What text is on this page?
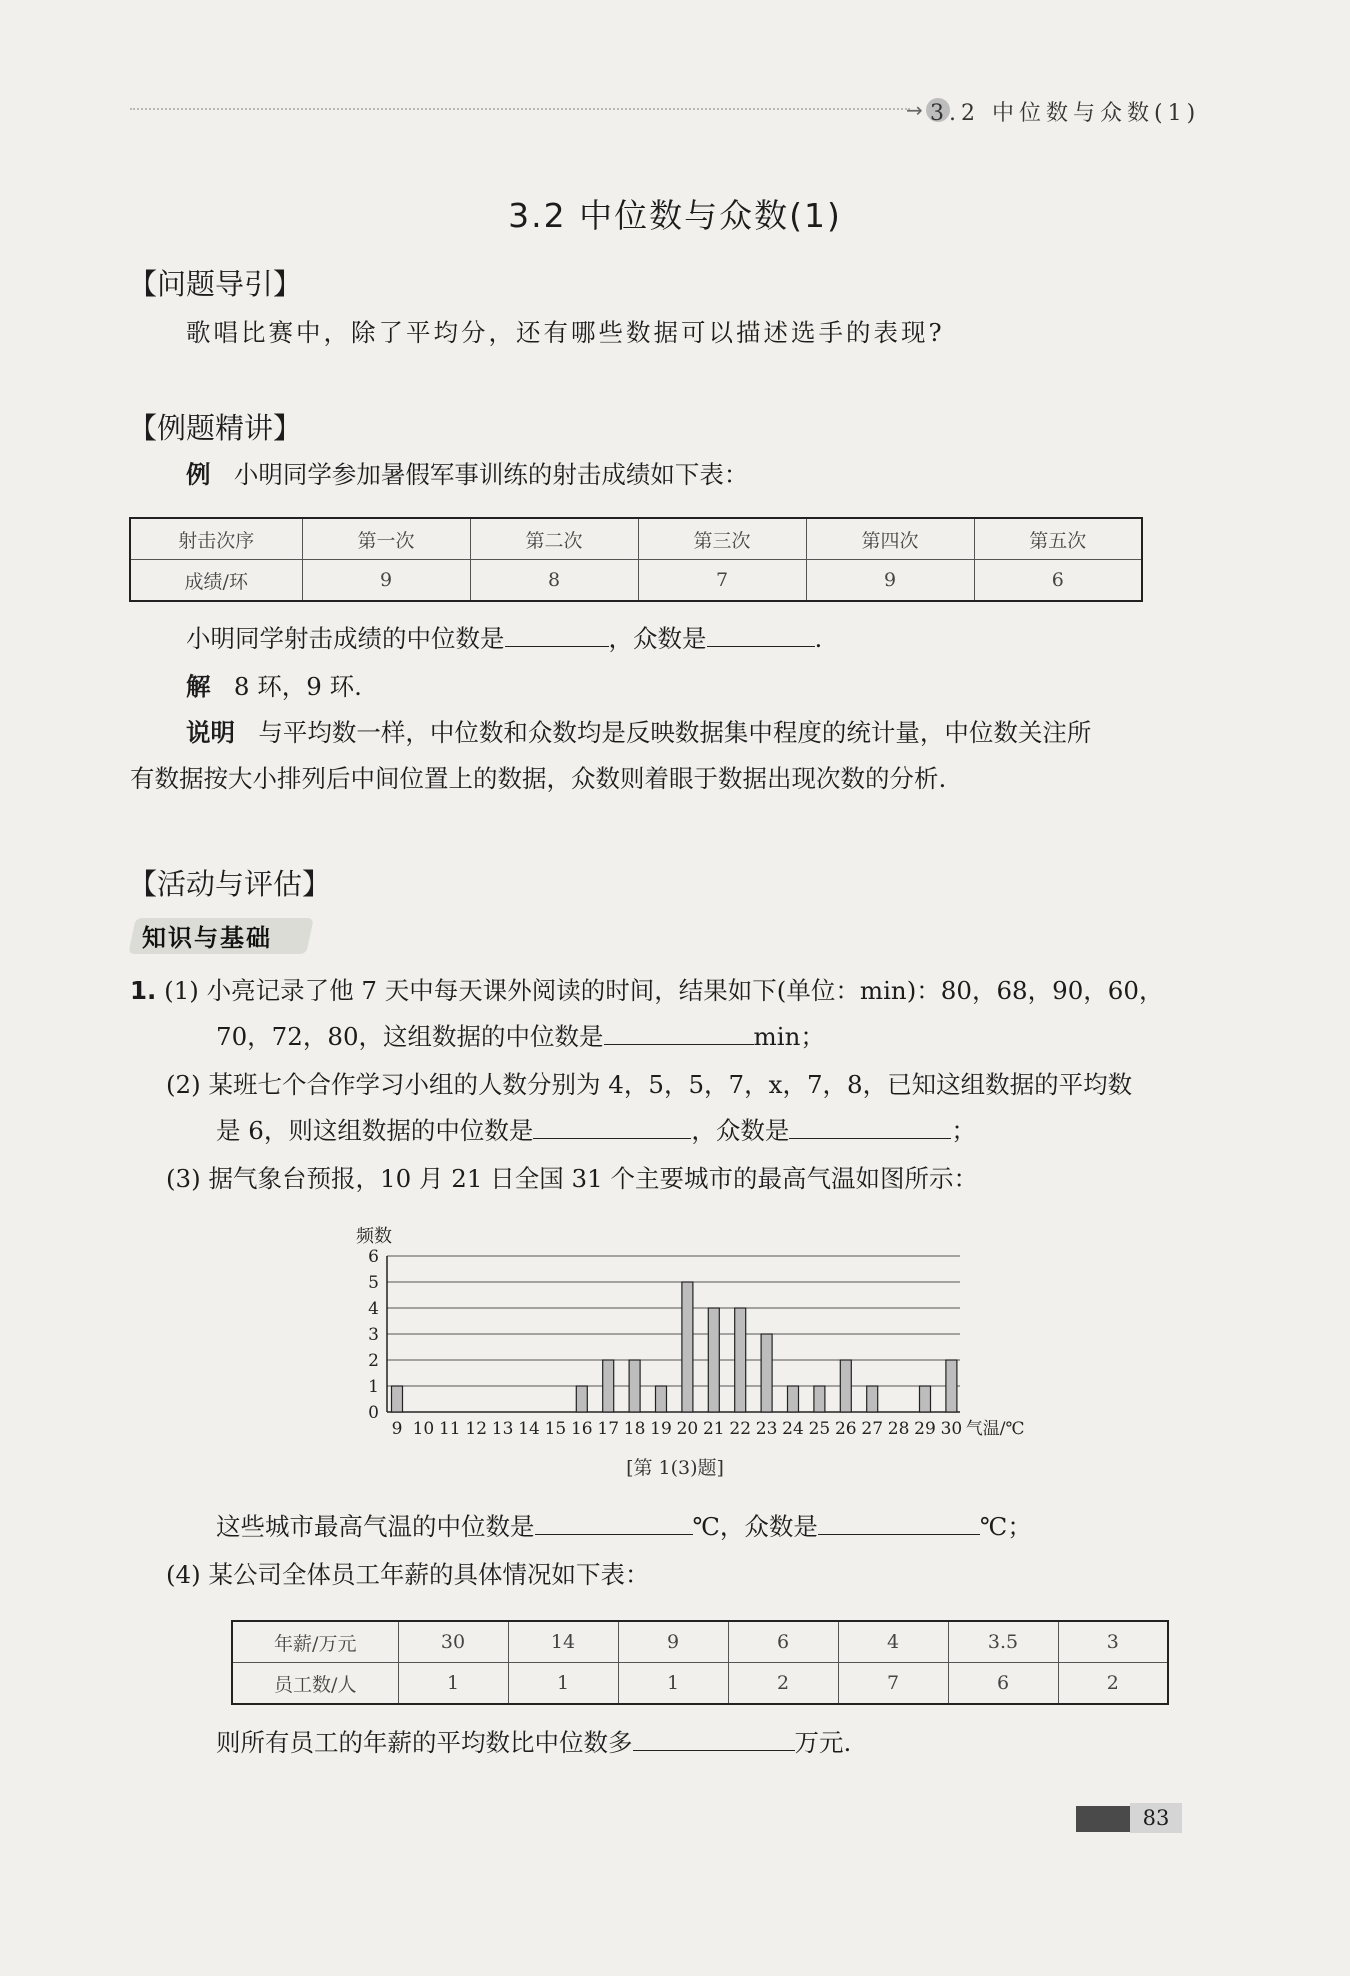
→ 3.2 中位数与众数(1)
3.2 中位数与众数(1)
【问题导引】
歌唱比赛中，除了平均分，还有哪些数据可以描述选手的表现?
【例题精讲】
例 小明同学参加暑假军事训练的射击成绩如下表：
射击次序	第一次	第二次	第三次	第四次	第五次
成绩/环	9	8	7	9	6
小明同学射击成绩的中位数是	，众数是	.
解 8 环，9 环.
说明 与平均数一样，中位数和众数均是反映数据集中程度的统计量，中位数关注所
有数据按大小排列后中间位置上的数据，众数则着眼于数据出现次数的分析.
【活动与评估】
知识与基础
1. (1) 小亮记录了他 7 天中每天课外阅读的时间，结果如下(单位：min)：80，68，90，60，
70，72，80，这组数据的中位数是	min；
(2) 某班七个合作学习小组的人数分别为 4，5，5，7，x，7，8，已知这组数据的平均数
是 6，则这组数据的中位数是	，众数是	；
(3) 据气象台预报，10 月 21 日全国 31 个主要城市的最高气温如图所示：
频数
0
1
2
3
4
5
6
9 10 11 12 13 14 15 16 17 18 19 20 21 22 23 24 25 26 27 28 29 30 气温/℃
[第 1(3)题]
这些城市最高气温的中位数是	℃，众数是	℃；
(4) 某公司全体员工年薪的具体情况如下表：
年薪/万元	30	14	9	6	4	3.5	3
员工数/人	1	1	1	2	7	6	2
则所有员工的年薪的平均数比中位数多	万元.
83
